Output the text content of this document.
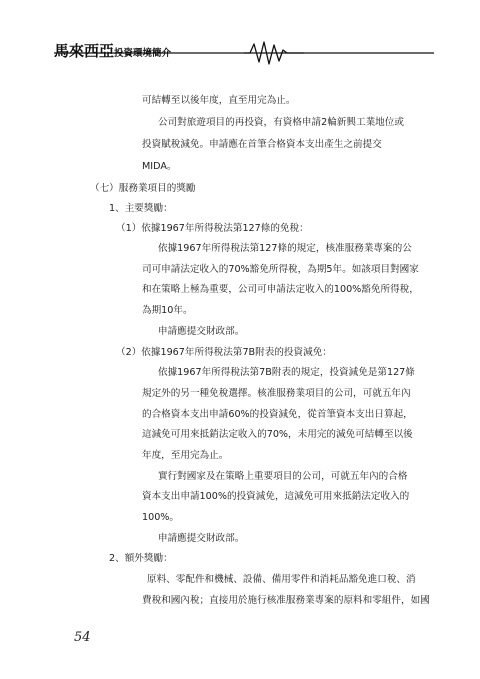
馬來西亞投資環境簡介
可結轉至以後年度，直至用完為止。
公司對旅遊項目的再投資，有資格申請2輪新興工業地位或
投資賦稅減免。申請應在首筆合格資本支出產生之前提交
MIDA。
（七）服務業項目的獎勵
1、主要獎勵：
（1）依據1967年所得稅法第127條的免稅：
依據1967年所得稅法第127條的規定，核准服務業專案的公
司可申請法定收入的70%豁免所得稅，為期5年。如該項目對國家
和在策略上極為重要，公司可申請法定收入的100%豁免所得稅，
為期10年。
申請應提交財政部。
（2）依據1967年所得稅法第7B附表的投資減免：
依據1967年所得稅法第7B附表的規定，投資減免是第127條
規定外的另一種免稅選擇。核准服務業項目的公司，可就五年內
的合格資本支出申請60%的投資減免，從首筆資本支出日算起，
這減免可用來抵銷法定收入的70%，未用完的減免可結轉至以後
年度，至用完為止。
實行對國家及在策略上重要項目的公司，可就五年內的合格
資本支出申請100%的投資減免，這減免可用來抵銷法定收入的
100%。
申請應提交財政部。
2、額外獎勵：
原料、零配件和機械、設備、備用零件和消耗品豁免進口稅、消
費稅和國內稅；直接用於施行核准服務業專案的原料和零組件，如國
54
